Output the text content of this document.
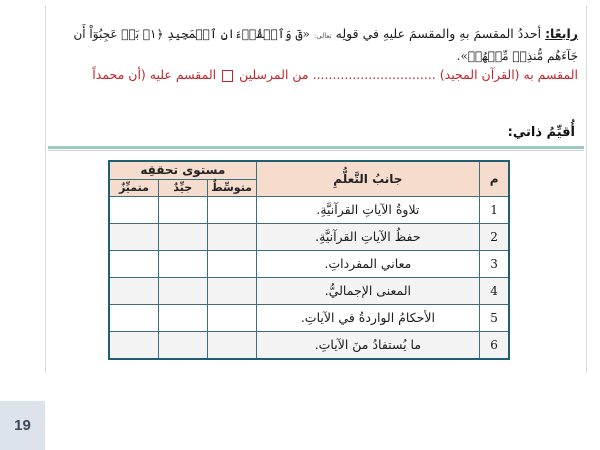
رابعًا: أحددُ المقسمَ بهِ والمقسمَ عليهِ في قولِه تعالى: «قٓ وَٱلۡقُرۡءَانِ ٱلۡمَجِيدِ ﴿١﴾ بَلۡ عَجِبُوٓاْ أَن جَآءَهُم مُّنذِرٞ مِّنۡهُمۡ».
المقسم به (القرآن المجيد) ............................... من المرسلين  المقسم عليه (أن محمداً
أُقيِّمُ ذاتي:
م	جانبُ التَّعلُّمِ	مستوى تحققِه		
		متوسِّطٌ	جيِّدٌ	متميِّزٌ
1	تلاوةُ الآياتِ القرآنيَّةِ.			
2	حفظُ الآياتِ القرآنيَّةِ.			
3	معاني المفرداتِ.			
4	المعنى الإجماليُّ.			
5	الأحكامُ الواردةُ في الآياتِ.			
6	ما يُستفادُ منَ الآياتِ.			
19
